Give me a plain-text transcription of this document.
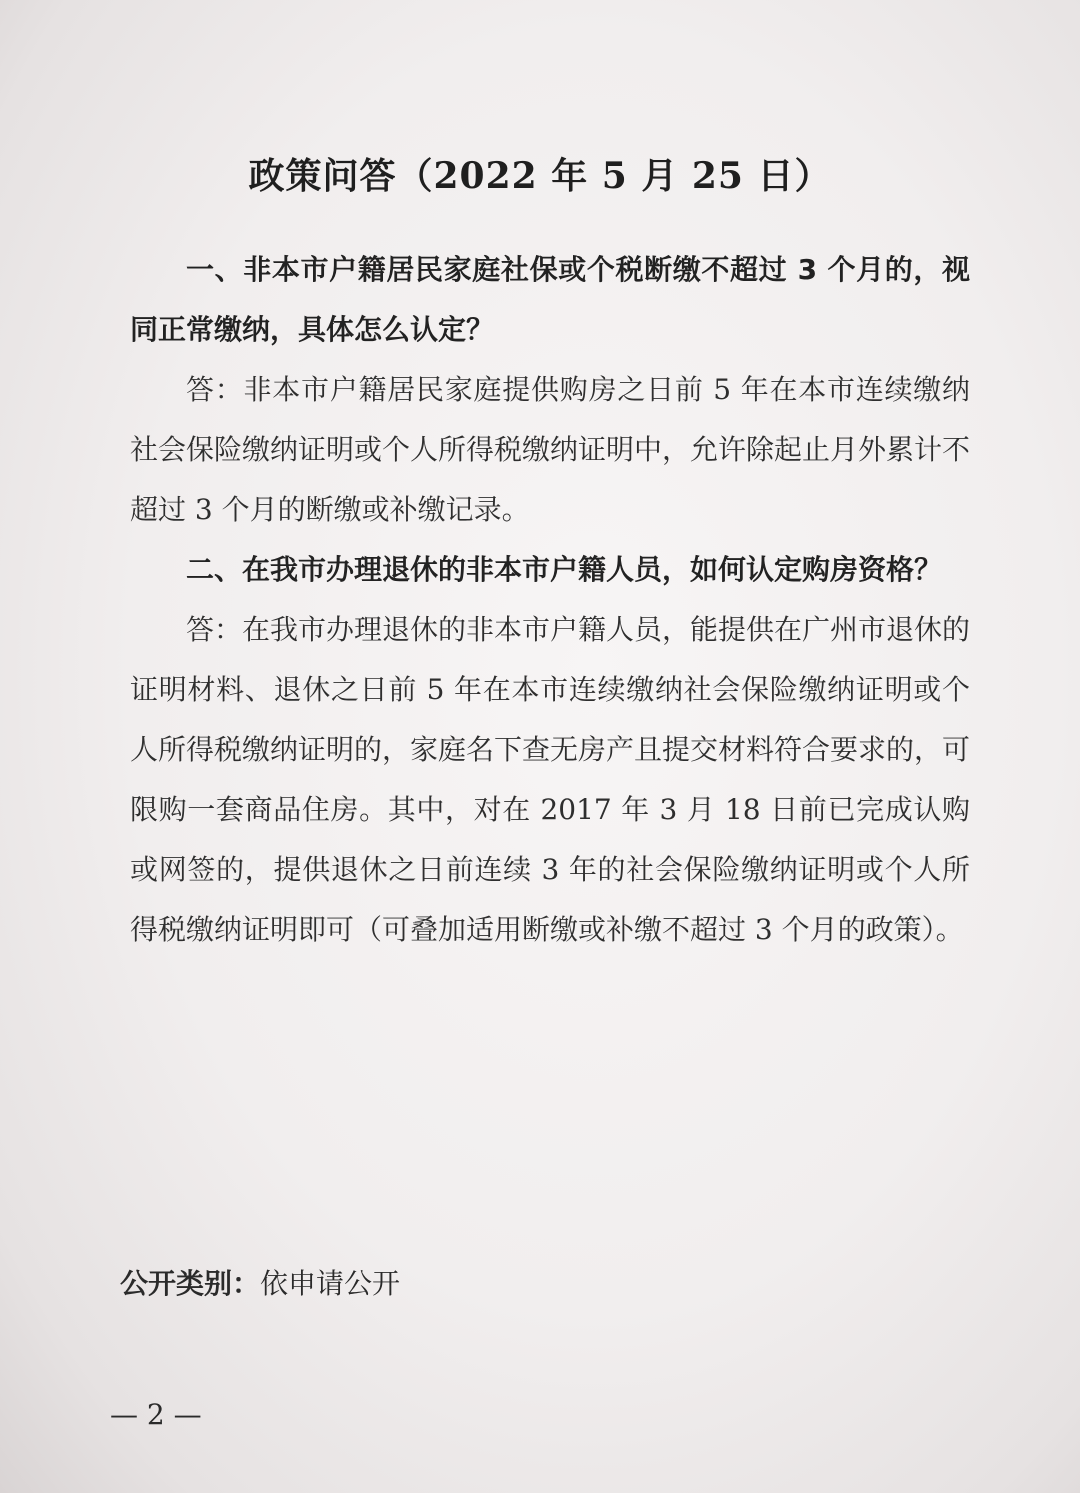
政策问答（2022 年 5 月 25 日）

一、非本市户籍居民家庭社保或个税断缴不超过 3 个月的，视同正常缴纳，具体怎么认定？

答：非本市户籍居民家庭提供购房之日前 5 年在本市连续缴纳社会保险缴纳证明或个人所得税缴纳证明中，允许除起止月外累计不超过 3 个月的断缴或补缴记录。

二、在我市办理退休的非本市户籍人员，如何认定购房资格？

答：在我市办理退休的非本市户籍人员，能提供在广州市退休的证明材料、退休之日前 5 年在本市连续缴纳社会保险缴纳证明或个人所得税缴纳证明的，家庭名下查无房产且提交材料符合要求的，可限购一套商品住房。其中，对在 2017 年 3 月 18 日前已完成认购或网签的，提供退休之日前连续 3 年的社会保险缴纳证明或个人所得税缴纳证明即可（可叠加适用断缴或补缴不超过 3 个月的政策）。

公开类别：依申请公开
— 2 —
